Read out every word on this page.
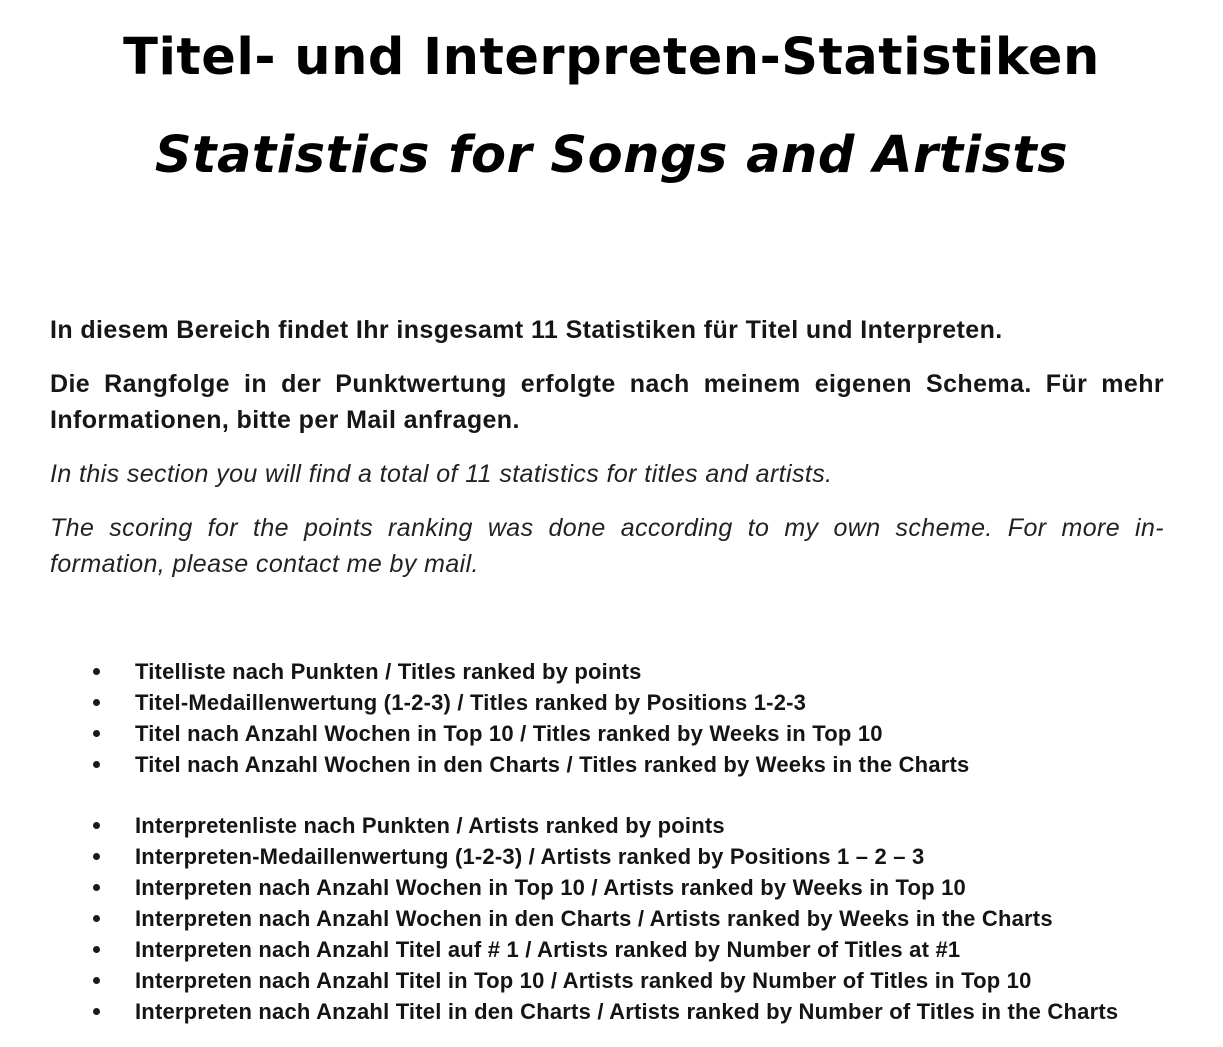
Titel- und Interpreten-Statistiken
Statistics for Songs and Artists

In diesem Bereich findet Ihr insgesamt 11 Statistiken für Titel und Interpreten.

Die Rangfolge in der Punktwertung erfolgte nach meinem eigenen Schema. Für mehr Informationen, bitte per Mail anfragen.

In this section you will find a total of 11 statistics for titles and artists.

The scoring for the points ranking was done according to my own scheme. For more in-formation, please contact me by mail.

Titelliste nach Punkten / Titles ranked by points
Titel-Medaillenwertung (1-2-3) / Titles ranked by Positions 1-2-3
Titel nach Anzahl Wochen in Top 10 / Titles ranked by Weeks in Top 10
Titel nach Anzahl Wochen in den Charts / Titles ranked by Weeks in the Charts
Interpretenliste nach Punkten / Artists ranked by points
Interpreten-Medaillenwertung (1-2-3) / Artists ranked by Positions 1 – 2 – 3
Interpreten nach Anzahl Wochen in Top 10 / Artists ranked by Weeks in Top 10
Interpreten nach Anzahl Wochen in den Charts / Artists ranked by Weeks in the Charts
Interpreten nach Anzahl Titel auf # 1 / Artists ranked by Number of Titles at #1
Interpreten nach Anzahl Titel in Top 10 / Artists ranked by Number of Titles in Top 10
Interpreten nach Anzahl Titel in den Charts / Artists ranked by Number of Titles in the Charts
